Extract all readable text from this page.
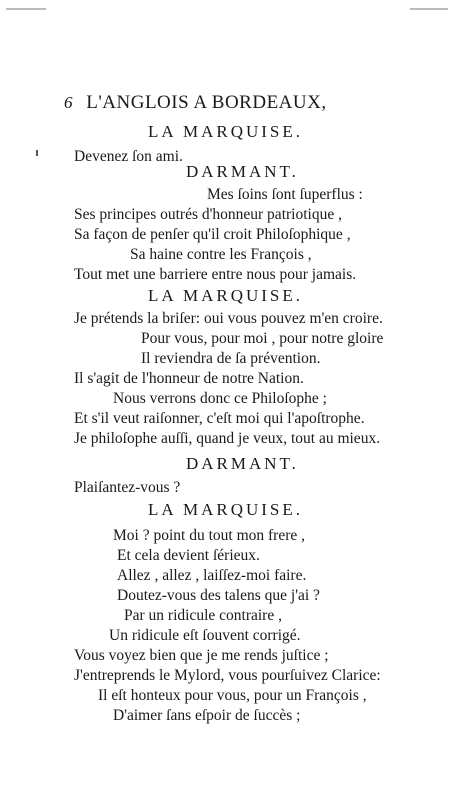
6 L'ANGLOIS A BORDEAUX,
LA MARQUISE.
Devenez ſon ami.
DARMANT.
Mes ſoins ſont ſuperflus :
Ses principes outrés d'honneur patriotique ,
Sa façon de penſer qu'il croit Philoſophique ,
Sa haine contre les François ,
Tout met une barriere entre nous pour jamais.
LA MARQUISE.
Je prétends la briſer: oui vous pouvez m'en croire.
Pour vous, pour moi , pour notre gloire
Il reviendra de ſa prévention.
Il s'agit de l'honneur de notre Nation.
Nous verrons donc ce Philoſophe ;
Et s'il veut raiſonner, c'eſt moi qui l'apoſtrophe.
Je philoſophe auſſi, quand je veux, tout au mieux.
DARMANT.
Plaiſantez-vous ?
LA MARQUISE.
Moi ? point du tout mon frere ,
Et cela devient ſérieux.
Allez , allez , laiſſez-moi faire.
Doutez-vous des talens que j'ai ?
Par un ridicule contraire ,
Un ridicule eſt ſouvent corrigé.
Vous voyez bien que je me rends juſtice ;
J'entreprends le Mylord, vous pourſuivez Clarice:
Il eſt honteux pour vous, pour un François ,
D'aimer ſans eſpoir de ſuccès ;
